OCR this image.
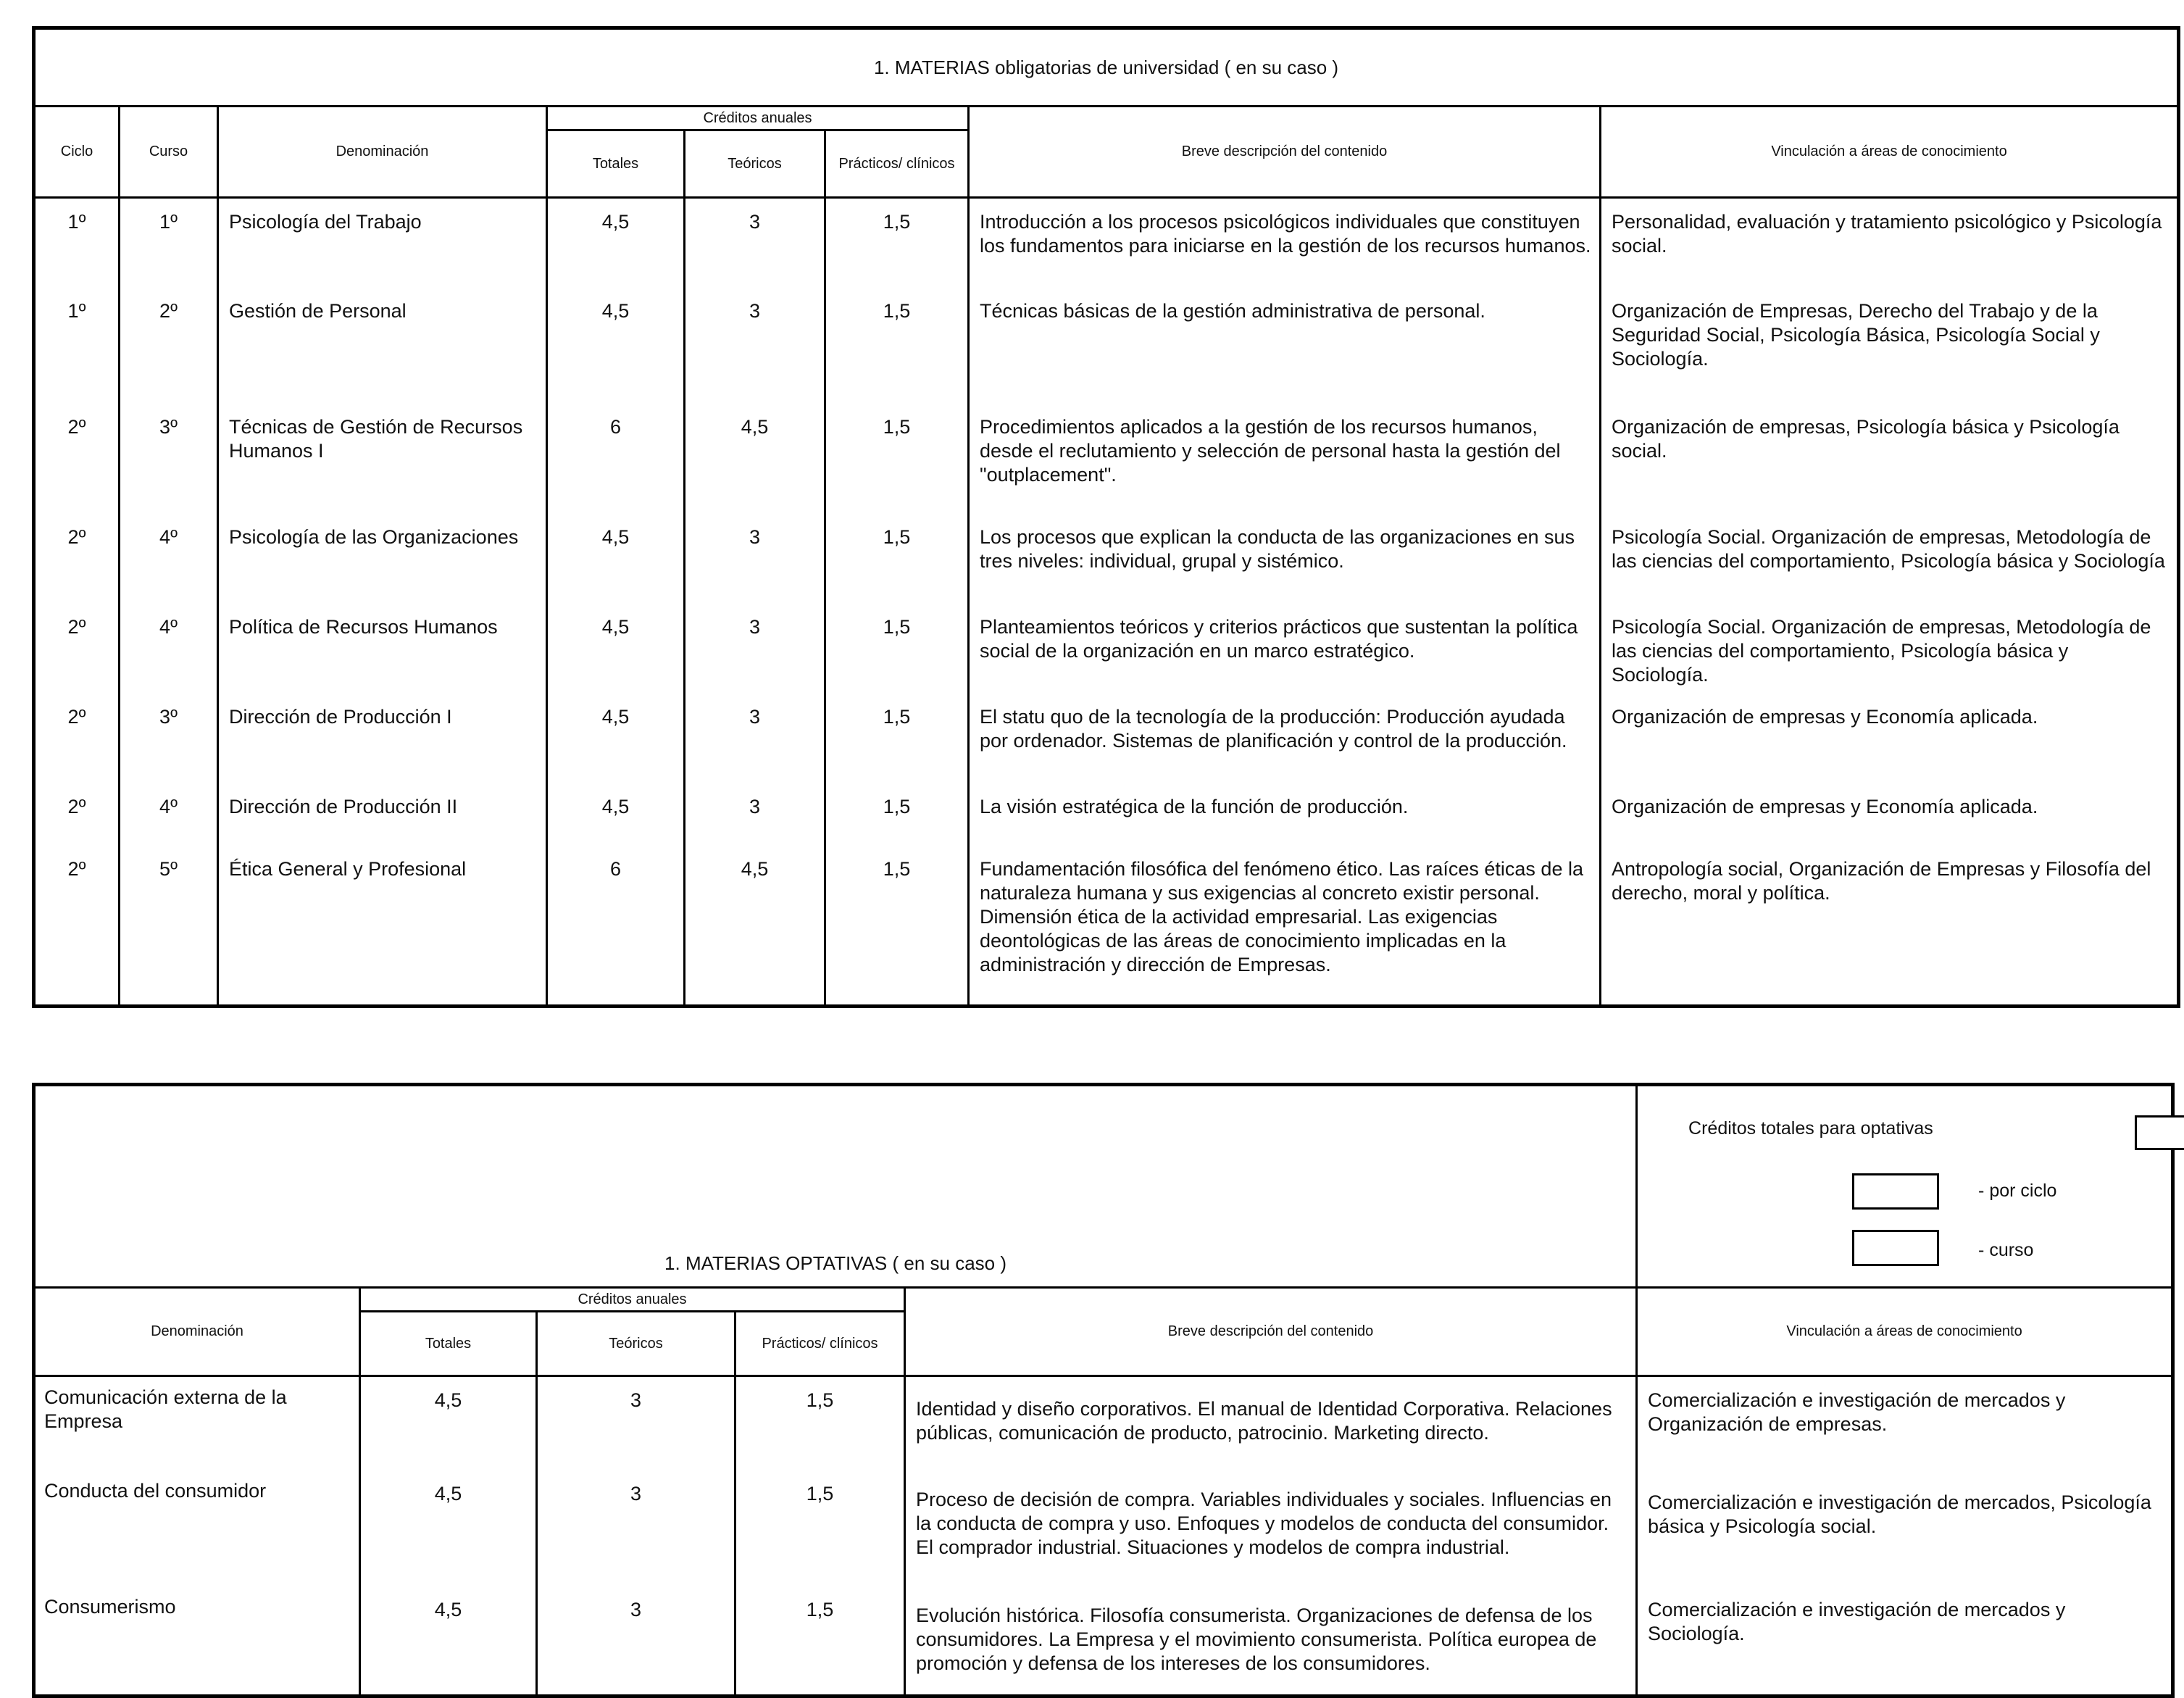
1. MATERIAS obligatorias de universidad ( en su caso )							
Ciclo	Curso	Denominación	Créditos anuales			Breve descripción del contenido	Vinculación a áreas de conocimiento
			Totales	Teóricos	Prácticos/ clínicos		
1º	1º	Psicología del Trabajo	4,5	3	1,5	Introducción a los procesos psicológicos individuales que constituyen los fundamentos para iniciarse en la gestión de los recursos humanos.	Personalidad, evaluación y tratamiento psicológico y Psicología social.
1º	2º	Gestión de Personal	4,5	3	1,5	Técnicas básicas de la gestión administrativa de personal.	Organización de Empresas, Derecho del Trabajo y de la Seguridad Social, Psicología Básica, Psicología Social y Sociología.
2º	3º	Técnicas de Gestión de Recursos Humanos I	6	4,5	1,5	Procedimientos aplicados a la gestión de los recursos humanos, desde el reclutamiento y selección de personal hasta la gestión del "outplacement".	Organización de empresas, Psicología básica y Psicología social.
2º	4º	Psicología de las Organizaciones	4,5	3	1,5	Los procesos que explican la conducta de las organizaciones en sus tres niveles: individual, grupal y sistémico.	Psicología Social. Organización de empresas, Metodología de las ciencias del comportamiento, Psicología básica y Sociología
2º	4º	Política de Recursos Humanos	4,5	3	1,5	Planteamientos teóricos y criterios prácticos que sustentan la política social de la organización en un marco estratégico.	Psicología Social. Organización de empresas, Metodología de las ciencias del comportamiento, Psicología básica y Sociología.
2º	3º	Dirección de Producción I	4,5	3	1,5	El statu quo de la tecnología de la producción: Producción ayudada por ordenador. Sistemas de planificación y control de la producción.	Organización de empresas y Economía aplicada.
2º	4º	Dirección de Producción II	4,5	3	1,5	La visión estratégica de la función de producción.	Organización de empresas y Economía aplicada.
2º	5º	Ética General y Profesional	6	4,5	1,5	Fundamentación filosófica del fenómeno ético. Las raíces éticas de la naturaleza humana y sus exigencias al concreto existir personal. Dimensión ética de la actividad empresarial. Las exigencias deontológicas de las áreas de conocimiento implicadas en la administración y dirección de Empresas.	Antropología social, Organización de Empresas y Filosofía del derecho, moral y política.
1. MATERIAS OPTATIVAS ( en su caso )					Créditos totales para optativas
- por ciclo
- curso

Denominación	Créditos anuales			Breve descripción del contenido	Vinculación a áreas de conocimiento
	Totales	Teóricos	Prácticos/ clínicos		
Comunicación externa de la Empresa	4,5	3	1,5	Identidad y diseño corporativos. El manual de Identidad Corporativa. Relaciones públicas, comunicación de producto, patrocinio. Marketing directo.	Comercialización e investigación de mercados y Organización de empresas.
Conducta del consumidor	4,5	3	1,5	Proceso de decisión de compra. Variables individuales y sociales. Influencias en la conducta de compra y uso. Enfoques y modelos de conducta del consumidor. El comprador industrial. Situaciones y modelos de compra industrial.	Comercialización e investigación de mercados, Psicología básica y Psicología social.
Consumerismo	4,5	3	1,5	Evolución histórica. Filosofía consumerista. Organizaciones de defensa de los consumidores. La Empresa y el movimiento consumerista. Política europea de promoción y defensa de los intereses de los consumidores.	Comercialización e investigación de mercados y Sociología.
